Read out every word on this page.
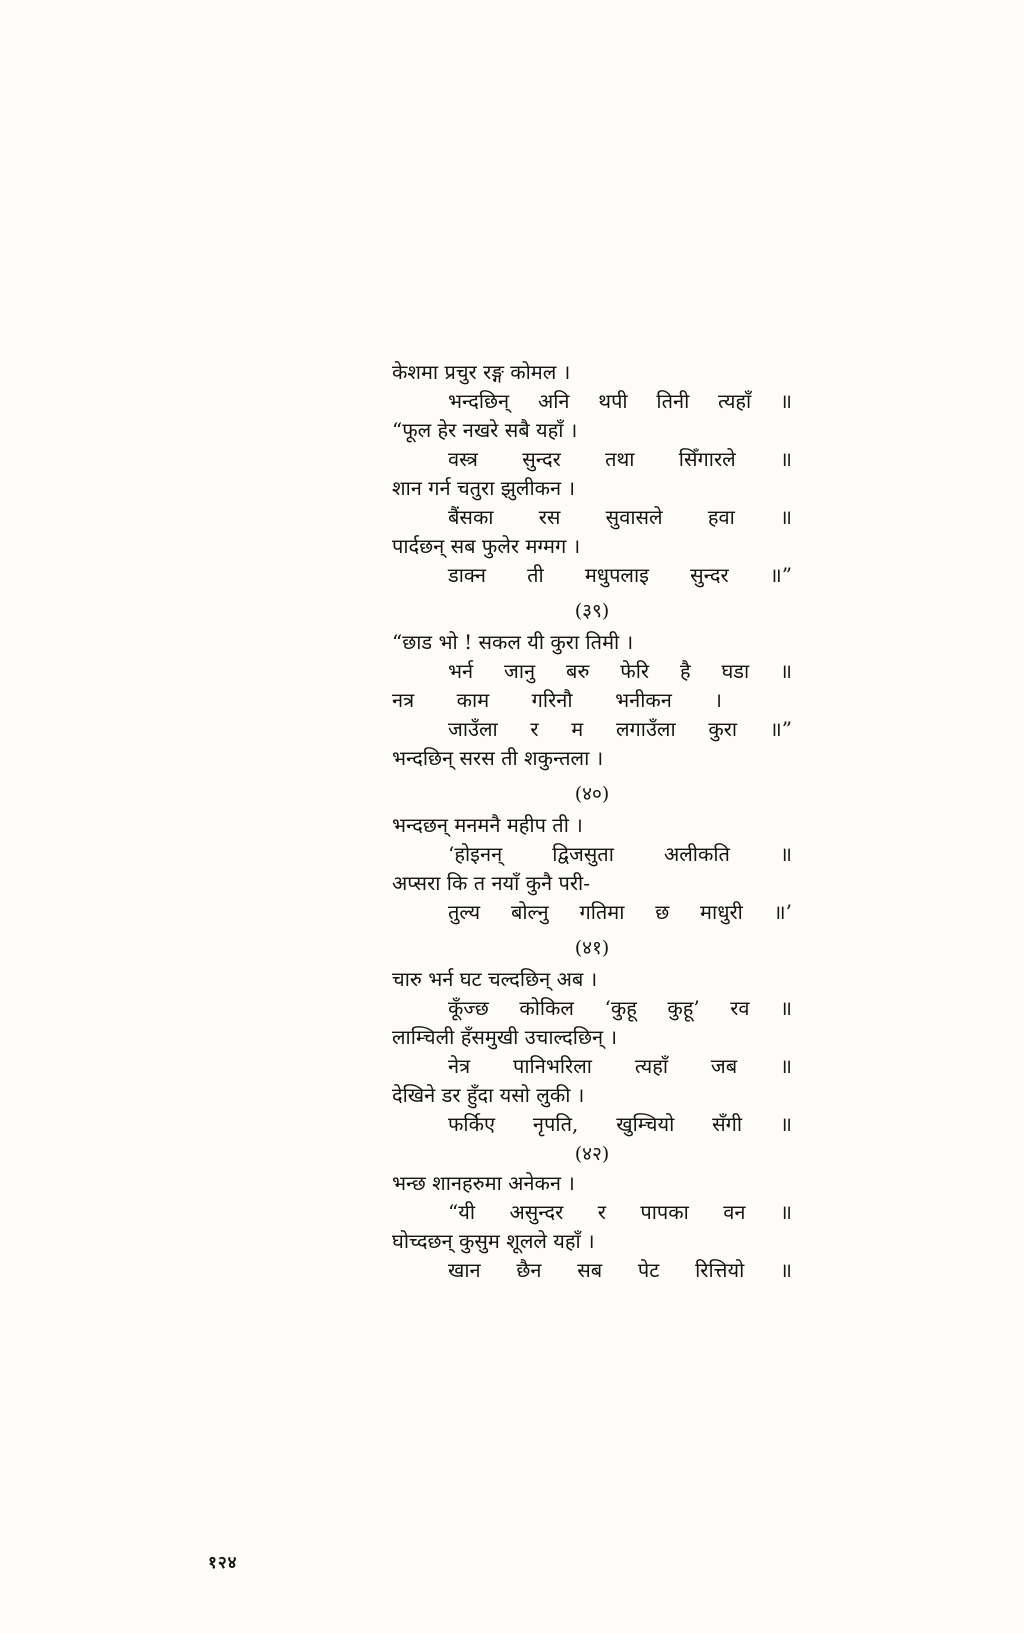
केशमा प्रचुर रङ्ग कोमल ।
भन्दछिन् अनि थपी तिनी त्यहाँ ॥
“फूल हेर नखरे सबै यहाँ ।
वस्त्र सुन्दर तथा सिँगारले ॥
शान गर्न चतुरा झुलीकन ।
बैंसका रस सुवासले हवा ॥
पार्दछन् सब फुलेर मग्मग ।
डाक्न ती मधुपलाइ सुन्दर ॥”
(३९)
“छाड भो ! सकल यी कुरा तिमी ।
भर्न जानु बरु फेरि है घडा ॥
नत्र काम गरिनौ भनीकन ।
जाउँला र म लगाउँला कुरा ॥”
भन्दछिन् सरस ती शकुन्तला ।
(४०)
भन्दछन् मनमनै महीप ती ।
‘होइनन् द्विजसुता अलीकति ॥
अप्सरा कि त नयाँ कुनै परी-
तुल्य बोल्नु गतिमा छ माधुरी ॥’
(४१)
चारु भर्न घट चल्दछिन् अब ।
कूँज्छ कोकिल ‘कुहू कुहू’ रव ॥
लाम्चिली हँसमुखी उचाल्दछिन् ।
नेत्र पानिभरिला त्यहाँ जब ॥
देखिने डर हुँदा यसो लुकी ।
फर्किए नृपति, खुम्चियो सँगी ॥
(४२)
भन्छ शानहरुमा अनेकन ।
“यी असुन्दर र पापका वन ॥
घोच्दछन् कुसुम शूलले यहाँ ।
खान छैन सब पेट रित्तियो ॥
१२४
